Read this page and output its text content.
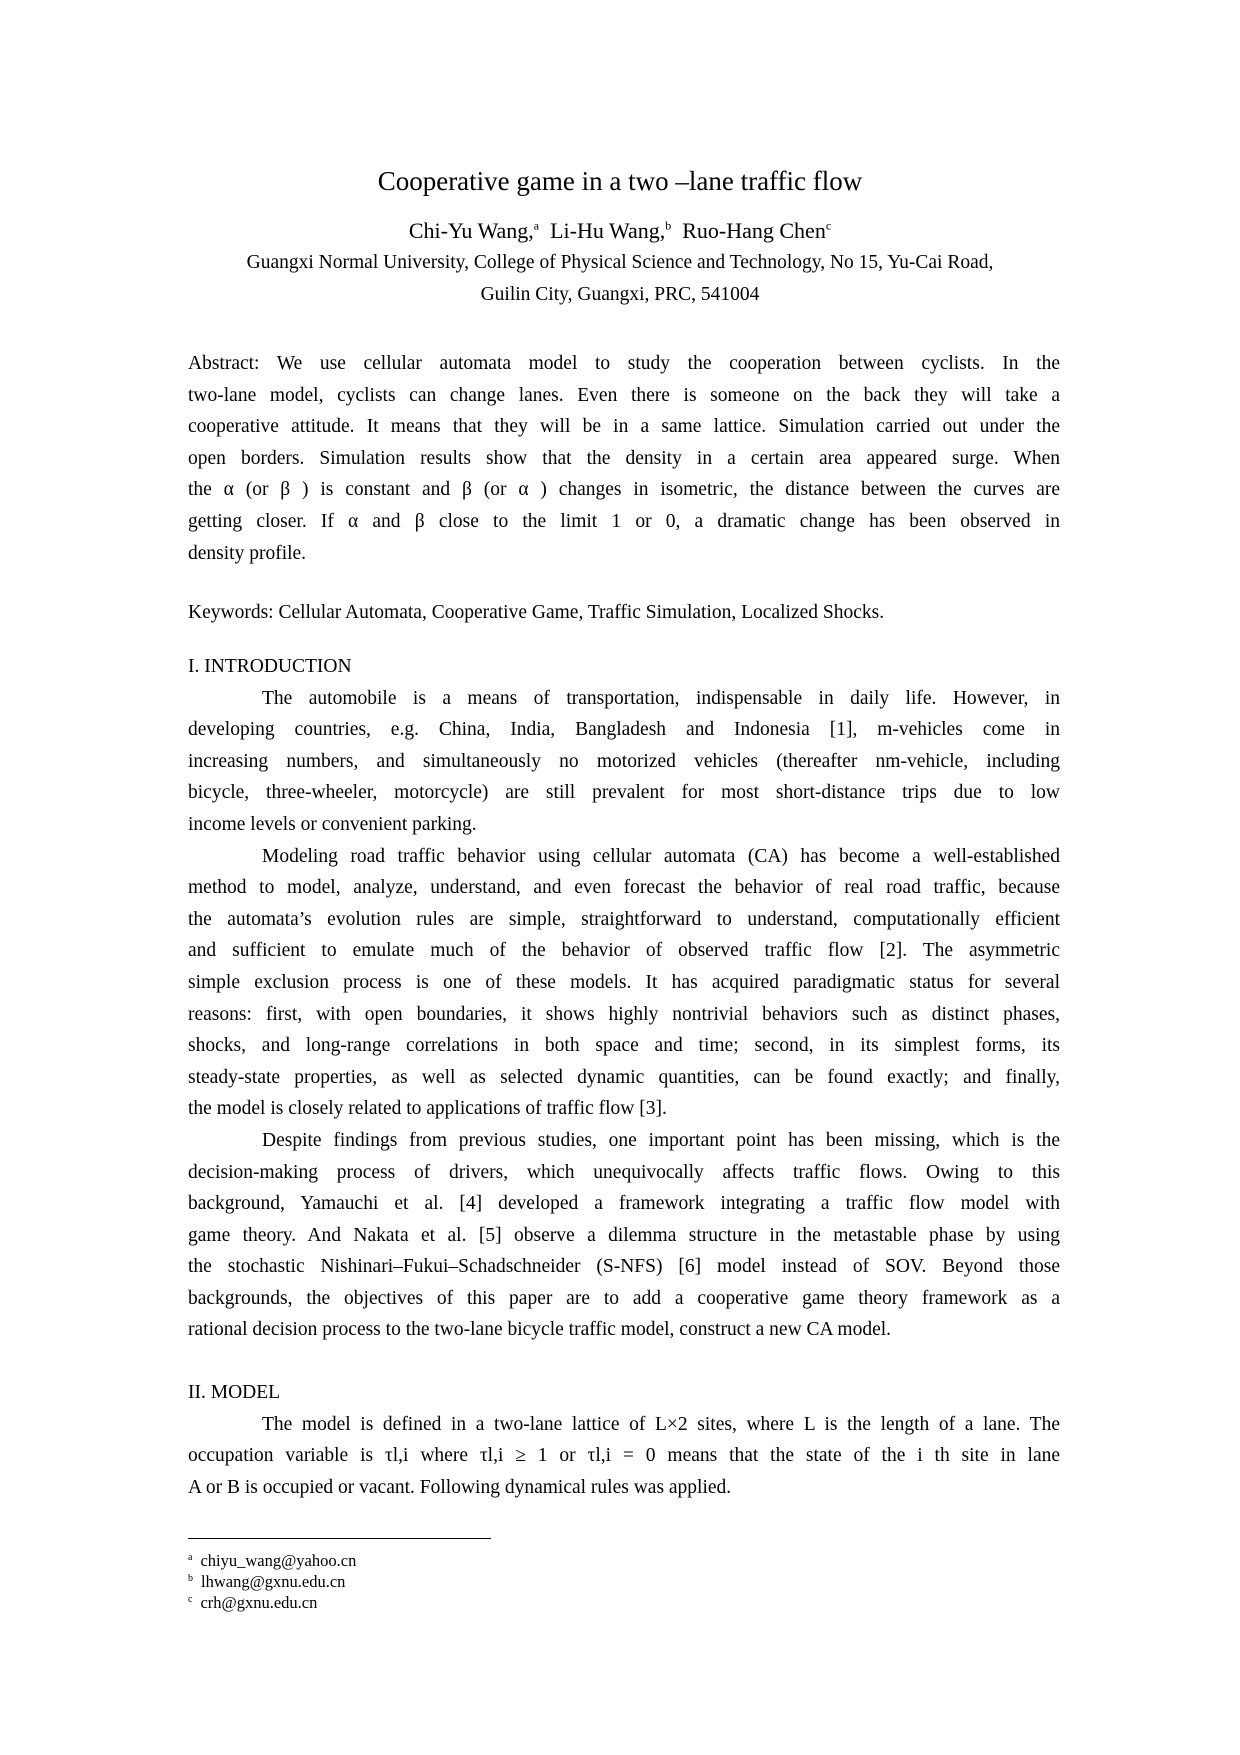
Cooperative game in a two –lane traffic flow
Chi-Yu Wang,$^a$ Li-Hu Wang,$^b$ Ruo-Hang Chen$^c$
Guangxi Normal University, College of Physical Science and Technology, No 15, Yu-Cai Road,
Guilin City, Guangxi, PRC, 541004
Abstract: We use cellular automata model to study the cooperation between cyclists. In the
two-lane model, cyclists can change lanes. Even there is someone on the back they will take a
cooperative attitude. It means that they will be in a same lattice. Simulation carried out under the
open borders. Simulation results show that the density in a certain area appeared surge. When
the α (or β ) is constant and β (or α ) changes in isometric, the distance between the curves are
getting closer. If α and β close to the limit 1 or 0, a dramatic change has been observed in
density profile.
Keywords: Cellular Automata, Cooperative Game, Traffic Simulation, Localized Shocks.
I. INTRODUCTION
The automobile is a means of transportation, indispensable in daily life. However, in
developing countries, e.g. China, India, Bangladesh and Indonesia [1], m-vehicles come in
increasing numbers, and simultaneously no motorized vehicles (thereafter nm-vehicle, including
bicycle, three-wheeler, motorcycle) are still prevalent for most short-distance trips due to low
income levels or convenient parking.
Modeling road traffic behavior using cellular automata (CA) has become a well-established
method to model, analyze, understand, and even forecast the behavior of real road traffic, because
the automata’s evolution rules are simple, straightforward to understand, computationally efficient
and sufficient to emulate much of the behavior of observed traffic flow [2]. The asymmetric
simple exclusion process is one of these models. It has acquired paradigmatic status for several
reasons: first, with open boundaries, it shows highly nontrivial behaviors such as distinct phases,
shocks, and long-range correlations in both space and time; second, in its simplest forms, its
steady-state properties, as well as selected dynamic quantities, can be found exactly; and finally,
the model is closely related to applications of traffic flow [3].
Despite findings from previous studies, one important point has been missing, which is the
decision-making process of drivers, which unequivocally affects traffic flows. Owing to this
background, Yamauchi et al. [4] developed a framework integrating a traffic flow model with
game theory. And Nakata et al. [5] observe a dilemma structure in the metastable phase by using
the stochastic Nishinari–Fukui–Schadschneider (S-NFS) [6] model instead of SOV. Beyond those
backgrounds, the objectives of this paper are to add a cooperative game theory framework as a
rational decision process to the two-lane bicycle traffic model, construct a new CA model.
II. MODEL
The model is defined in a two-lane lattice of L×2 sites, where L is the length of a lane. The
occupation variable is τl,i where τl,i ≥ 1 or τl,i = 0 means that the state of the i th site in lane
A or B is occupied or vacant. Following dynamical rules was applied.
$^a$ chiyu_wang@yahoo.cn
$^b$ lhwang@gxnu.edu.cn
$^c$ crh@gxnu.edu.cn
